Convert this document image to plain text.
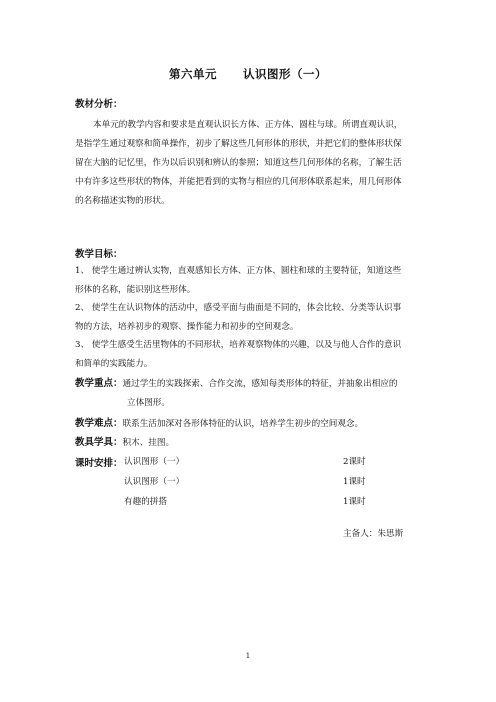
第六单元 认识图形（一）
教材分析：
本单元的教学内容和要求是直观认识长方体、正方体、圆柱与球。所谓直观认识，
是指学生通过观察和简单操作，初步了解这些几何形体的形状，并把它们的整体形状保
留在大脑的记忆里，作为以后识别和辨认的参照；知道这些几何形体的名称，了解生活
中有许多这些形状的物体，并能把看到的实物与相应的几何形体联系起来，用几何形体
的名称描述实物的形状。
教学目标：
1、 使学生通过辨认实物，直观感知长方体、正方体、圆柱和球的主要特征，知道这些
形体的名称，能识别这些形体。
2、 使学生在认识物体的活动中，感受平面与曲面是不同的，体会比较、分类等认识事
物的方法，培养初步的观察、操作能力和初步的空间观念。
3、 使学生感受生活里物体的不同形状，培养观察物体的兴趣，以及与他人合作的意识
和简单的实践能力。
教学重点：通过学生的实践探索、合作交流，感知每类形体的特征，并抽象出相应的
立体图形。
教学难点：联系生活加深对各形体特征的认识，培养学生初步的空间观念。
教具学具：积木、挂图。
课时安排： 认识图形（一）	2课时
认识图形（一）	1课时
有趣的拼搭	1课时
主备人：朱思斯
1
